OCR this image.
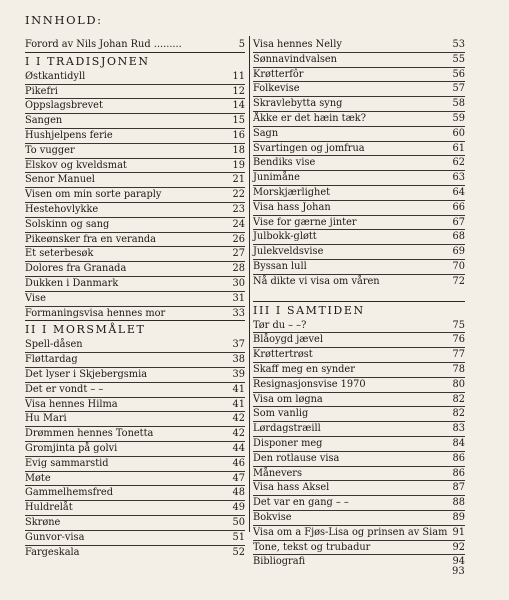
INNHOLD:
Forord av Nils Johan Rud .........	5
I I TRADISJONEN
Østkantidyll	11
Pikefri	12
Oppslagsbrevet	14
Sangen	15
Hushjelpens ferie	16
To vugger	18
Elskov og kveldsmat	19
Senor Manuel	21
Visen om min sorte paraply	22
Hestehovlykke	23
Solskinn og sang	24
Pikeønsker fra en veranda	26
Et seterbesøk	27
Dolores fra Granada	28
Dukken i Danmark	30
Vise	31
Formaningsvisa hennes mor	33
II I MORSMÅLET
Spell-dåsen	37
Fløttardag	38
Det lyser i Skjebergsmia	39
Det er vondt – –	41
Visa hennes Hilma	41
Hu Mari	42
Drømmen hennes Tonetta	42
Gromjinta på golvi	44
Evig sammarstid	46
Møte	47
Gammelhemsfred	48
Huldrelåt	49
Skrøne	50
Gunvor-visa	51
Fargeskala	52
Visa hennes Nelly	53
Sønnavindvalsen	55
Krøtterfôr	56
Folkevise	57
Skravlebytta syng	58
Åkke er det hæin tæk?	59
Sagn	60
Svartingen og jomfrua	61
Bendiks vise	62
Junimåne	63
Morskjærlighet	64
Visa hass Johan	66
Vise for gærne jinter	67
Julbokk-gløtt	68
Julekveldsvise	69
Byssan lull	70
Nå dikte vi visa om våren	72
III I SAMTIDEN
Tør du – –?	75
Blåoygd jævel	76
Krøttertrøst	77
Skaff meg en synder	78
Resignasjonsvise 1970	80
Visa om løgna	82
Som vanlig	82
Lørdagstræill	83
Disponer meg	84
Den rotlause visa	86
Månevers	86
Visa hass Aksel	87
Det var en gang – –	88
Bokvise	89
Visa om a Fjøs-Lisa og prinsen av Siam 91
Tone, tekst og trubadur	92
Bibliografi	94
93
